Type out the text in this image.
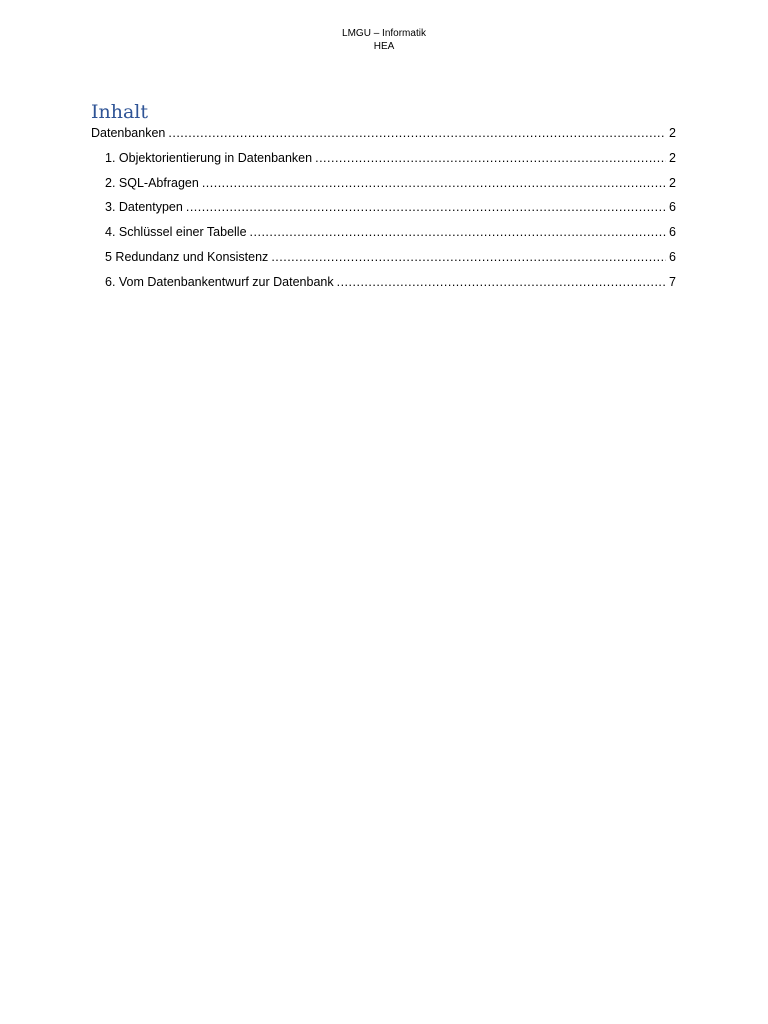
LMGU – Informatik
HEA
Inhalt
Datenbanken .....	2
1. Objektorientierung in Datenbanken .....	2
2. SQL-Abfragen .....	2
3. Datentypen .....	6
4. Schlüssel einer Tabelle .....	6
5 Redundanz und Konsistenz .....	6
6. Vom Datenbankentwurf zur Datenbank .....	7
